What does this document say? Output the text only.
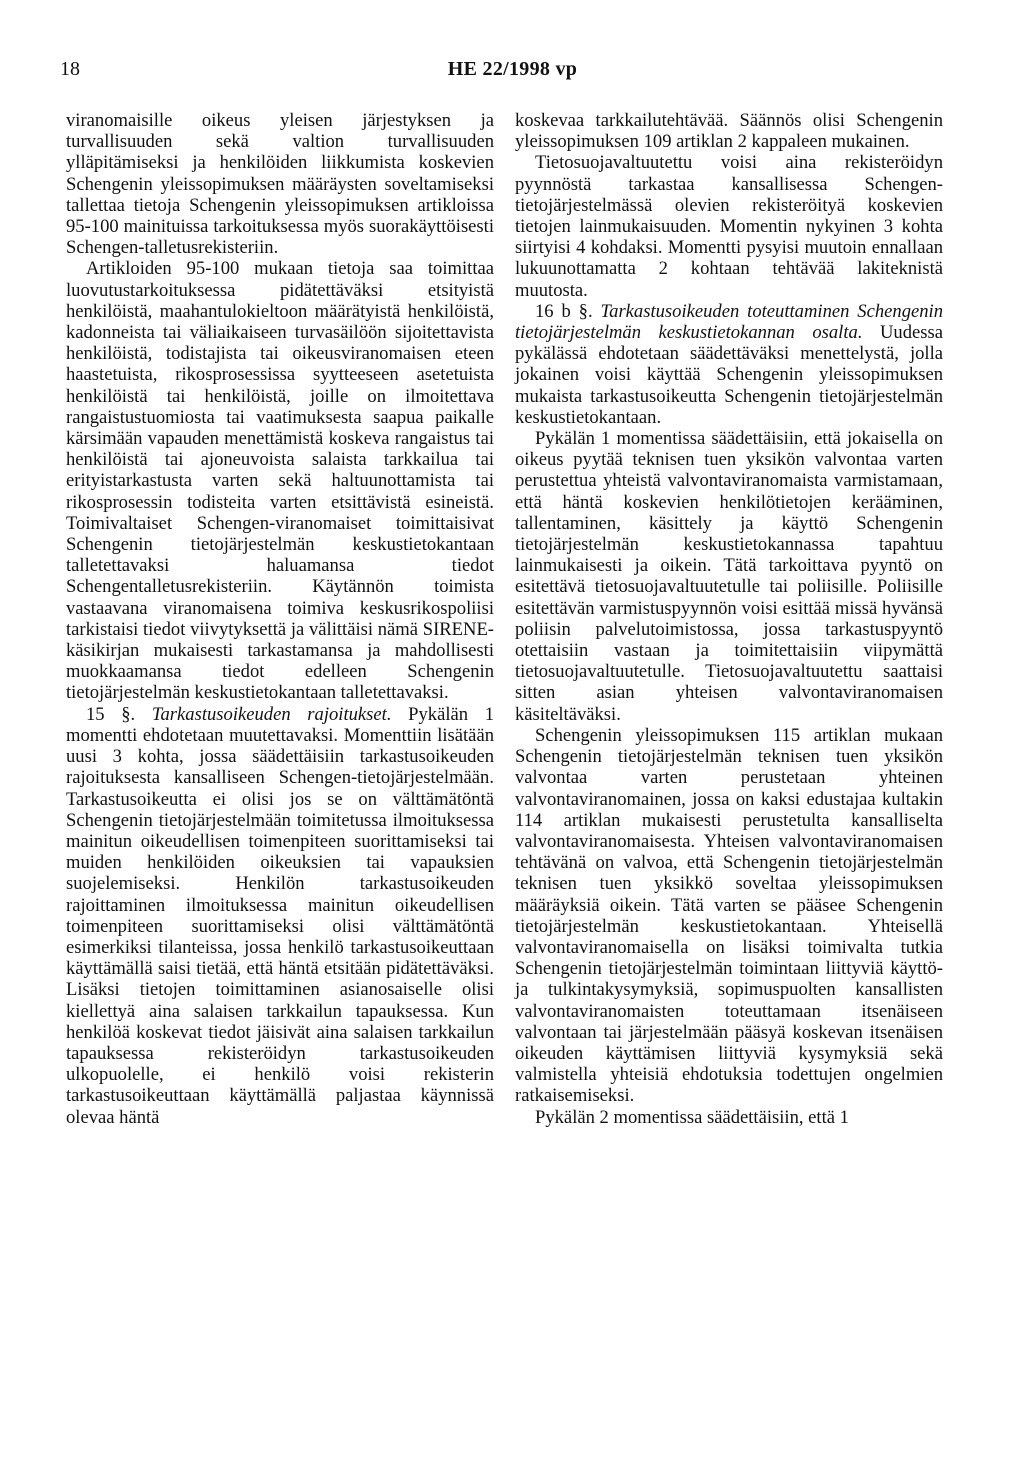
18	HE 22/1998 vp

viranomaisille oikeus yleisen järjestyksen ja turvallisuuden sekä valtion turvallisuuden ylläpitämiseksi ja henkilöiden liikkumista koskevien Schengenin yleissopimuksen määräysten soveltamiseksi tallettaa tietoja Schengenin yleissopimuksen artikloissa 95-100 mainituissa tarkoituksessa myös suorakäyttöisesti Schengen-talletusrekisteriin.

Artikloiden 95-100 mukaan tietoja saa toimittaa luovutustarkoituksessa pidätettäväksi etsityistä henkilöistä, maahantulokieltoon määrätyistä henkilöistä, kadonneista tai väliaikaiseen turvasäilöön sijoitettavista henkilöistä, todistajista tai oikeusviranomaisen eteen haastetuista, rikosprosessissa syytteeseen asetetuista henkilöistä tai henkilöistä, joille on ilmoitettava rangaistustuomiosta tai vaatimuksesta saapua paikalle kärsimään vapauden menettämistä koskeva rangaistus tai henkilöistä tai ajoneuvoista salaista tarkkailua tai erityistarkastusta varten sekä haltuunottamista tai rikosprosessin todisteita varten etsittävistä esineistä. Toimivaltaiset Schengen-viranomaiset toimittaisivat Schengenin tietojärjestelmän keskustietokantaan talletettavaksi haluamansa tiedot Schengentalletusrekisteriin. Käytännön toimista vastaavana viranomaisena toimiva keskusrikospoliisi tarkistaisi tiedot viivytyksettä ja välittäisi nämä SIRENE-käsikirjan mukaisesti tarkastamansa ja mahdollisesti muokkaamansa tiedot edelleen Schengenin tietojärjestelmän keskustietokantaan talletettavaksi.

15 §. Tarkastusoikeuden rajoitukset. Pykälän 1 momentti ehdotetaan muutettavaksi. Momenttiin lisätään uusi 3 kohta, jossa säädettäisiin tarkastusoikeuden rajoituksesta kansalliseen Schengen-tietojärjestelmään. Tarkastusoikeutta ei olisi jos se on välttämätöntä Schengenin tietojärjestelmään toimitetussa ilmoituksessa mainitun oikeudellisen toimenpiteen suorittamiseksi tai muiden henkilöiden oikeuksien tai vapauksien suojelemiseksi. Henkilön tarkastusoikeuden rajoittaminen ilmoituksessa mainitun oikeudellisen toimenpiteen suorittamiseksi olisi välttämätöntä esimerkiksi tilanteissa, jossa henkilö tarkastusoikeuttaan käyttämällä saisi tietää, että häntä etsitään pidätettäväksi. Lisäksi tietojen toimittaminen asianosaiselle olisi kiellettyä aina salaisen tarkkailun tapauksessa. Kun henkilöä koskevat tiedot jäisivät aina salaisen tarkkailun tapauksessa rekisteröidyn tarkastusoikeuden ulkopuolelle, ei henkilö voisi rekisterin tarkastusoikeuttaan käyttämällä paljastaa käynnissä olevaa häntä

koskevaa tarkkailutehtävää. Säännös olisi Schengenin yleissopimuksen 109 artiklan 2 kappaleen mukainen.

Tietosuojavaltuutettu voisi aina rekisteröidyn pyynnöstä tarkastaa kansallisessa Schengen-tietojärjestelmässä olevien rekisteröityä koskevien tietojen lainmukaisuuden. Momentin nykyinen 3 kohta siirtyisi 4 kohdaksi. Momentti pysyisi muutoin ennallaan lukuunottamatta 2 kohtaan tehtävää lakiteknistä muutosta.

16 b §. Tarkastusoikeuden toteuttaminen Schengenin tietojärjestelmän keskustietokannan osalta. Uudessa pykälässä ehdotetaan säädettäväksi menettelystä, jolla jokainen voisi käyttää Schengenin yleissopimuksen mukaista tarkastusoikeutta Schengenin tietojärjestelmän keskustietokantaan.

Pykälän 1 momentissa säädettäisiin, että jokaisella on oikeus pyytää teknisen tuen yksikön valvontaa varten perustettua yhteistä valvontaviranomaista varmistamaan, että häntä koskevien henkilötietojen kerääminen, tallentaminen, käsittely ja käyttö Schengenin tietojärjestelmän keskustietokannassa tapahtuu lainmukaisesti ja oikein. Tätä tarkoittava pyyntö on esitettävä tietosuojavaltuutetulle tai poliisille. Poliisille esitettävän varmistuspyynnön voisi esittää missä hyvänsä poliisin palvelutoimistossa, jossa tarkastuspyyntö otettaisiin vastaan ja toimitettaisiin viipymättä tietosuojavaltuutetulle. Tietosuojavaltuutettu saattaisi sitten asian yhteisen valvontaviranomaisen käsiteltäväksi.

Schengenin yleissopimuksen 115 artiklan mukaan Schengenin tietojärjestelmän teknisen tuen yksikön valvontaa varten perustetaan yhteinen valvontaviranomainen, jossa on kaksi edustajaa kultakin 114 artiklan mukaisesti perustetulta kansalliselta valvontaviranomaisesta. Yhteisen valvontaviranomaisen tehtävänä on valvoa, että Schengenin tietojärjestelmän teknisen tuen yksikkö soveltaa yleissopimuksen määräyksiä oikein. Tätä varten se pääsee Schengenin tietojärjestelmän keskustietokantaan. Yhteisellä valvontaviranomaisella on lisäksi toimivalta tutkia Schengenin tietojärjestelmän toimintaan liittyviä käyttö- ja tulkintakysymyksiä, sopimuspuolten kansallisten valvontaviranomaisten toteuttamaan itsenäiseen valvontaan tai järjestelmään pääsyä koskevan itsenäisen oikeuden käyttämisen liittyviä kysymyksiä sekä valmistella yhteisiä ehdotuksia todettujen ongelmien ratkaisemiseksi.

Pykälän 2 momentissa säädettäisiin, että 1
